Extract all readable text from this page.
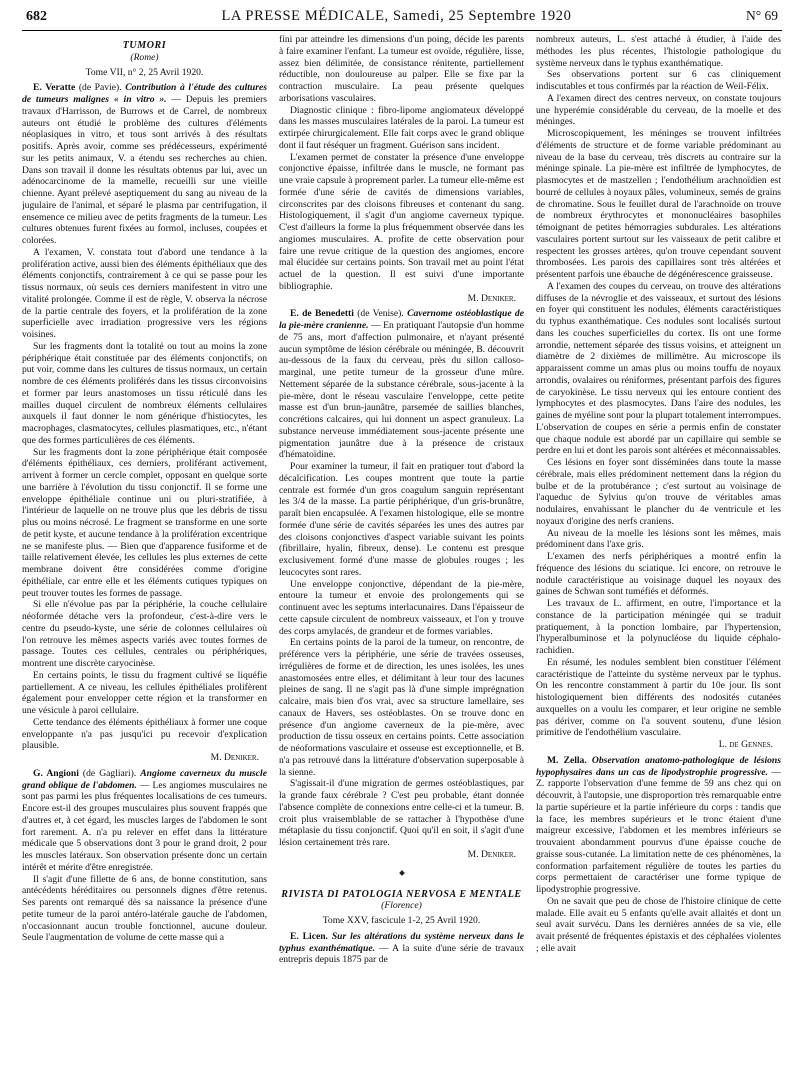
682	LA PRESSE MÉDICALE, Samedi, 25 Septembre 1920	N° 69

TUMORI

(Rome)

Tome VII, n° 2, 25 Avril 1920.

E. Veratte (de Pavie). Contribution à l'étude des cultures de tumeurs malignes « in vitro ». — Depuis les premiers travaux d'Harrisson, de Burrows et de Carrel, de nombreux auteurs ont étudié le problème des cultures d'éléments néoplasiques in vitro, et tous sont arrivés à des résultats positifs. Après avoir, comme ses prédécesseurs, expérimenté sur les petits animaux, V. a étendu ses recherches au chien. Dans son travail il donne les résultats obtenus par lui, avec un adénocarcinome de la mamelle, recueilli sur une vieille chienne. Ayant prélevé aseptiquement du sang au niveau de la jugulaire de l'animal, et séparé le plasma par centrifugation, il ensemence ce milieu avec de petits fragments de la tumeur. Les cultures obtenues furent fixées au formol, incluses, coupées et colorées.

A l'examen, V. constata tout d'abord une tendance à la prolifération active, aussi bien des éléments épithéliaux que des éléments conjonctifs, contrairement à ce qui se passe pour les tissus normaux, où seuls ces derniers manifestent in vitro une vitalité prolongée. Comme il est de règle, V. observa la nécrose de la partie centrale des foyers, et la prolifération de la zone superficielle avec irradiation progressive vers les régions voisines.

Sur les fragments dont la totalité ou tout au moins la zone périphérique était constituée par des éléments conjonctifs, on put voir, comme dans les cultures de tissus normaux, un certain nombre de ces éléments proliférés dans les tissus circonvoisins et former par leurs anastomoses un tissu réticulé dans les mailles duquel circulent de nombreux éléments cellulaires auxquels il faut donner le nom générique d'histiocytes, les macrophages, clasmatocytes, cellules plasmatiques, etc., n'étant que des formes particulières de ces éléments.

Sur les fragments dont la zone périphérique était composée d'éléments épithéliaux, ces derniers, proliférant activement, arrivent à former un cercle complet, opposant en quelque sorte une barrière à l'évolution du tissu conjonctif. Il se forme une enveloppe épithéliale continue uni ou pluri-stratifiée, à l'intérieur de laquelle on ne trouve plus que les débris de tissu plus ou moins nécrosé. Le fragment se transforme en une sorte de petit kyste, et aucune tendance à la prolifération excentrique ne se manifeste plus. — Bien que d'apparence fusiforme et de taille relativement élevée, les cellules les plus externes de cette membrane doivent être considérées comme d'origine épithéliale, car entre elle et les éléments cutiques typiques on peut trouver toutes les formes de passage.

Si elle n'évolue pas par la périphérie, la couche cellulaire néoformée détache vers la profondeur, c'est-à-dire vers le centre du pseudo-kyste, une série de colonnes cellulaires où l'on retrouve les mêmes aspects variés avec toutes formes de passage. Toutes ces cellules, centrales ou périphériques, montrent une discrète caryocinèse.

En certains points, le tissu du fragment cultivé se liquéfie partiellement. A ce niveau, les cellules épithéliales prolifèrent également pour envelopper cette région et la transformer en une vésicule à paroi cellulaire.

Cette tendance des éléments épithéliaux à former une coque enveloppante n'a pas jusqu'ici pu recevoir d'explication plausible.

M. Deniker.

G. Angioni (de Gagliari). Angiome caverneux du muscle grand oblique de l'abdomen. — Les angiomes musculaires ne sont pas parmi les plus fréquentes localisations de ces tumeurs. Encore est-il des groupes musculaires plus souvent frappés que d'autres et, à cet égard, les muscles larges de l'abdomen le sont fort rarement. A. n'a pu relever en effet dans la littérature médicale que 5 observations dont 3 pour le grand droit, 2 pour les muscles latéraux. Son observation présente donc un certain intérêt et mérite d'être enregistrée.

Il s'agit d'une fillette de 6 ans, de bonne constitution, sans antécédents héréditaires ou personnels dignes d'être retenus. Ses parents ont remarqué dès sa naissance la présence d'une petite tumeur de la paroi antéro-latérale gauche de l'abdomen, n'occasionnant aucun trouble fonctionnel, aucune douleur. Seule l'augmentation de volume de cette masse qui a

fini par atteindre les dimensions d'un poing, décide les parents à faire examiner l'enfant. La tumeur est ovoïde, régulière, lisse, assez bien délimitée, de consistance rénitente, partiellement réductible, non douloureuse au palper. Elle se fixe par la contraction musculaire. La peau présente quelques arborisations vasculaires.

Diagnostic clinique : fibro-lipome angiomateux développé dans les masses musculaires latérales de la paroi. La tumeur est extirpée chirurgicalement. Elle fait corps avec le grand oblique dont il faut réséquer un fragment. Guérison sans incident.

L'examen permet de constater la présence d'une enveloppe conjonctive épaisse, infiltrée dans le muscle, ne formant pas une vraie capsule à proprement parler. La tumeur elle-même est formée d'une série de cavités de dimensions variables, circonscrites par des cloisons fibreuses et contenant du sang. Histologiquement, il s'agit d'un angiome caverneux typique. C'est d'ailleurs la forme la plus fréquemment observée dans les angiomes musculaires. A. profite de cette observation pour faire une revue critique de la question des angiomes, encore mal élucidée sur certains points. Son travail met au point l'état actuel de la question. Il est suivi d'une importante bibliographie.

M. Deniker.

E. de Benedetti (de Venise). Cavernome ostéoblastique de la pie-mère cranienne. — En pratiquant l'autopsie d'un homme de 75 ans, mort d'affection pulmonaire, et n'ayant présenté aucun symptôme de lésion cérébrale ou méningée, B. découvrit au-dessous de la faux du cerveau, près du sillon calloso-marginal, une petite tumeur de la grosseur d'une mûre. Nettement séparée de la substance cérébrale, sous-jacente à la pie-mère, dont le réseau vasculaire l'enveloppe, cette petite masse est d'un brun-jaunâtre, parsemée de saillies blanches, concrétions calcaires, qui lui donnent un aspect granuleux. La substance nerveuse immédiatement sous-jacente présente une pigmentation jaunâtre due à la présence de cristaux d'hématoïdine.

Pour examiner la tumeur, il fait en pratiquer tout d'abord la décalcification. Les coupes montrent que toute la partie centrale est formée d'un gros coagulum sanguin représentant les 3/4 de la masse. La partie périphérique, d'un gris-brunâtre, paraît bien encapsulée. A l'examen histologique, elle se montre formée d'une série de cavités séparées les unes des autres par des cloisons conjonctives d'aspect variable suivant les points (fibrillaire, hyalin, fibreux, dense). Le contenu est presque exclusivement formé d'une masse de globules rouges ; les leucocytes sont rares.

Une enveloppe conjonctive, dépendant de la pie-mère, entoure la tumeur et envoie des prolongements qui se continuent avec les septums interlacunaires. Dans l'épaisseur de cette capsule circulent de nombreux vaisseaux, et l'on y trouve des corps amylacés, de grandeur et de formes variables.

En certains points de la paroi de la tumeur, on rencontre, de préférence vers la périphérie, une série de travées osseuses, irrégulières de forme et de direction, les unes isolées, les unes anastomosées entre elles, et délimitant à leur tour des lacunes pleines de sang. Il ne s'agit pas là d'une simple imprégnation calcaire, mais bien d'os vrai, avec sa structure lamellaire, ses canaux de Havers, ses ostéoblastes. On se trouve donc en présence d'un angiome caverneux de la pie-mère, avec production de tissu osseux en certains points. Cette association de néoformations vasculaire et osseuse est exceptionnelle, et B. n'a pas retrouvé dans la littérature d'observation superposable à la sienne.

S'agissait-il d'une migration de germes ostéoblastiques, par la grande faux cérébrale ? C'est peu probable, étant donnée l'absence complète de connexions entre celle-ci et la tumeur. B. croit plus vraisemblable de se rattacher à l'hypothèse d'une métaplasie du tissu conjonctif. Quoi qu'il en soit, il s'agit d'une lésion certainement très rare.

M. Deniker.

RIVISTA DI PATOLOGIA NERVOSA E MENTALE

(Florence)

Tome XXV, fascicule 1-2, 25 Avril 1920.

E. Licen. Sur les altérations du système nerveux dans le typhus exanthématique. — A la suite d'une série de travaux entrepris depuis 1875 par de

nombreux auteurs, L. s'est attaché à étudier, à l'aide des méthodes les plus récentes, l'histologie pathologique du système nerveux dans le typhus exanthématique.

Ses observations portent sur 6 cas cliniquement indiscutables et tous confirmés par la réaction de Weil-Félix.

A l'examen direct des centres nerveux, on constate toujours une hyperémie considérable du cerveau, de la moelle et des méninges.

Microscopiquement, les méninges se trouvent infiltrées d'éléments de structure et de forme variable prédominant au niveau de la base du cerveau, très discrets au contraire sur la méninge spinale. La pie-mère est infiltrée de lymphocytes, de plasmocytes et de mastzellen ; l'endothélium arachnoïdien est bourré de cellules à noyaux pâles, volumineux, semés de grains de chromatine. Sous le feuillet dural de l'arachnoïde on trouve de nombreux érythrocytes et mononucléaires basophiles témoignant de petites hémorragies subdurales. Les altérations vasculaires portent surtout sur les vaisseaux de petit calibre et respectent les grosses artères, qu'on trouve cependant souvent thrombosées. Les parois des capillaires sont très altérées et présentent parfois une ébauche de dégénérescence graisseuse.

A l'examen des coupes du cerveau, on trouve des altérations diffuses de la névroglie et des vaisseaux, et surtout des lésions en foyer qui constituent les nodules, éléments caractéristiques du typhus exanthématique. Ces nodules sont localisés surtout dans les couches superficielles du cortex. Ils ont une forme arrondie, nettement séparée des tissus voisins, et atteignent un diamètre de 2 dixièmes de millimètre. Au microscope ils apparaissent comme un amas plus ou moins touffu de noyaux arrondis, ovalaires ou réniformes, présentant parfois des figures de caryokinèse. Le tissu nerveux qui les entoure contient des lymphocytes et des plasmocytes. Dans l'aire des nodules, les gaines de myéline sont pour la plupart totalement interrompues. L'observation de coupes en série a permis enfin de constater que chaque nodule est abordé par un capillaire qui semble se perdre en lui et dont les parois sont altérées et méconnaissables.

Ces lésions en foyer sont disséminées dans toute la masse cérébrale, mais elles prédominent nettement dans la région du bulbe et de la protubérance ; c'est surtout au voisinage de l'aqueduc de Sylvius qu'on trouve de véritables amas nodulaires, envahissant le plancher du 4e ventricule et les noyaux d'origine des nerfs craniens.

Au niveau de la moelle les lésions sont les mêmes, mais prédominent dans l'axe gris.

L'examen des nerfs périphériques a montré enfin la fréquence des lésions du sciatique. Ici encore, on retrouve le nodule caractéristique au voisinage duquel les noyaux des gaines de Schwan sont tuméfiés et déformés.

Les travaux de L. affirment, en outre, l'importance et la constance de la participation méningée qui se traduit pratiquement, à la ponction lombaire, par l'hypertension, l'hyperalbuminose et la polynucléose du liquide céphalo-rachidien.

En résumé, les nodules semblent bien constituer l'élément caractéristique de l'atteinte du système nerveux par le typhus. On les rencontre constamment à partir du 10e jour. Ils sont histologiquement bien différents des nodosités cutanées auxquelles on a voulu les comparer, et leur origine ne semble pas dériver, comme on l'a souvent soutenu, d'une lésion primitive de l'endothélium vasculaire.

L. de Gennes.

M. Zella. Observation anatomo-pathologique de lésions hypophysaires dans un cas de lipodystrophie progressive. — Z. rapporte l'observation d'une femme de 59 ans chez qui on découvrit, à l'autopsie, une disproportion très remarquable entre la partie supérieure et la partie inférieure du corps : tandis que la face, les membres supérieurs et le tronc étaient d'une maigreur excessive, l'abdomen et les membres inférieurs se trouvaient abondamment pourvus d'une épaisse couche de graisse sous-cutanée. La limitation nette de ces phénomènes, la conformation parfaitement régulière de toutes les parties du corps permettaient de caractériser une forme typique de lipodystrophie progressive.

On ne savait que peu de chose de l'histoire clinique de cette malade. Elle avait eu 5 enfants qu'elle avait allaités et dont un seul avait survécu. Dans les dernières années de sa vie, elle avait présenté de fréquentes épistaxis et des céphalées violentes ; elle avait
